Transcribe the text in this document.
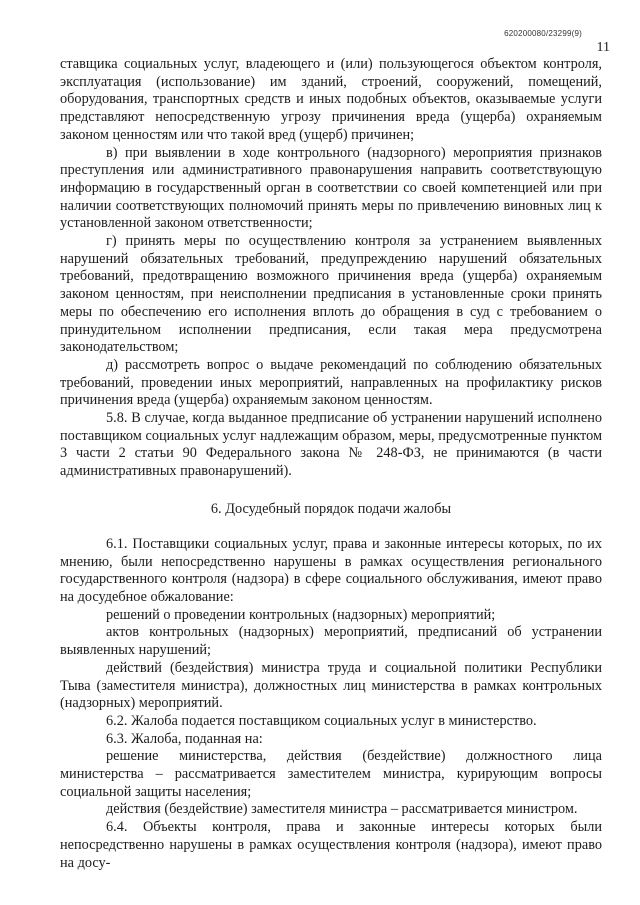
620200080/23299(9)
11

ставщика социальных услуг, владеющего и (или) пользующегося объектом контроля, эксплуатация (использование) им зданий, строений, сооружений, помещений, оборудования, транспортных средств и иных подобных объектов, оказываемые услуги представляют непосредственную угрозу причинения вреда (ущерба) охраняемым законом ценностям или что такой вред (ущерб) причинен;

в) при выявлении в ходе контрольного (надзорного) мероприятия признаков преступления или административного правонарушения направить соответствующую информацию в государственный орган в соответствии со своей компетенцией или при наличии соответствующих полномочий принять меры по привлечению виновных лиц к установленной законом ответственности;

г) принять меры по осуществлению контроля за устранением выявленных нарушений обязательных требований, предупреждению нарушений обязательных требований, предотвращению возможного причинения вреда (ущерба) охраняемым законом ценностям, при неисполнении предписания в установленные сроки принять меры по обеспечению его исполнения вплоть до обращения в суд с требованием о принудительном исполнении предписания, если такая мера предусмотрена законодательством;

д) рассмотреть вопрос о выдаче рекомендаций по соблюдению обязательных требований, проведении иных мероприятий, направленных на профилактику рисков причинения вреда (ущерба) охраняемым законом ценностям.

5.8. В случае, когда выданное предписание об устранении нарушений исполнено поставщиком социальных услуг надлежащим образом, меры, предусмотренные пунктом 3 части 2 статьи 90 Федерального закона № 248-ФЗ, не принимаются (в части административных правонарушений).

6. Досудебный порядок подачи жалобы

6.1. Поставщики социальных услуг, права и законные интересы которых, по их мнению, были непосредственно нарушены в рамках осуществления регионального государственного контроля (надзора) в сфере социального обслуживания, имеют право на досудебное обжалование:

решений о проведении контрольных (надзорных) мероприятий;

актов контрольных (надзорных) мероприятий, предписаний об устранении выявленных нарушений;

действий (бездействия) министра труда и социальной политики Республики Тыва (заместителя министра), должностных лиц министерства в рамках контрольных (надзорных) мероприятий.

6.2. Жалоба подается поставщиком социальных услуг в министерство.

6.3. Жалоба, поданная на:

решение министерства, действия (бездействие) должностного лица министерства – рассматривается заместителем министра, курирующим вопросы социальной защиты населения;

действия (бездействие) заместителя министра – рассматривается министром.

6.4. Объекты контроля, права и законные интересы которых были непосредственно нарушены в рамках осуществления контроля (надзора), имеют право на досу-
